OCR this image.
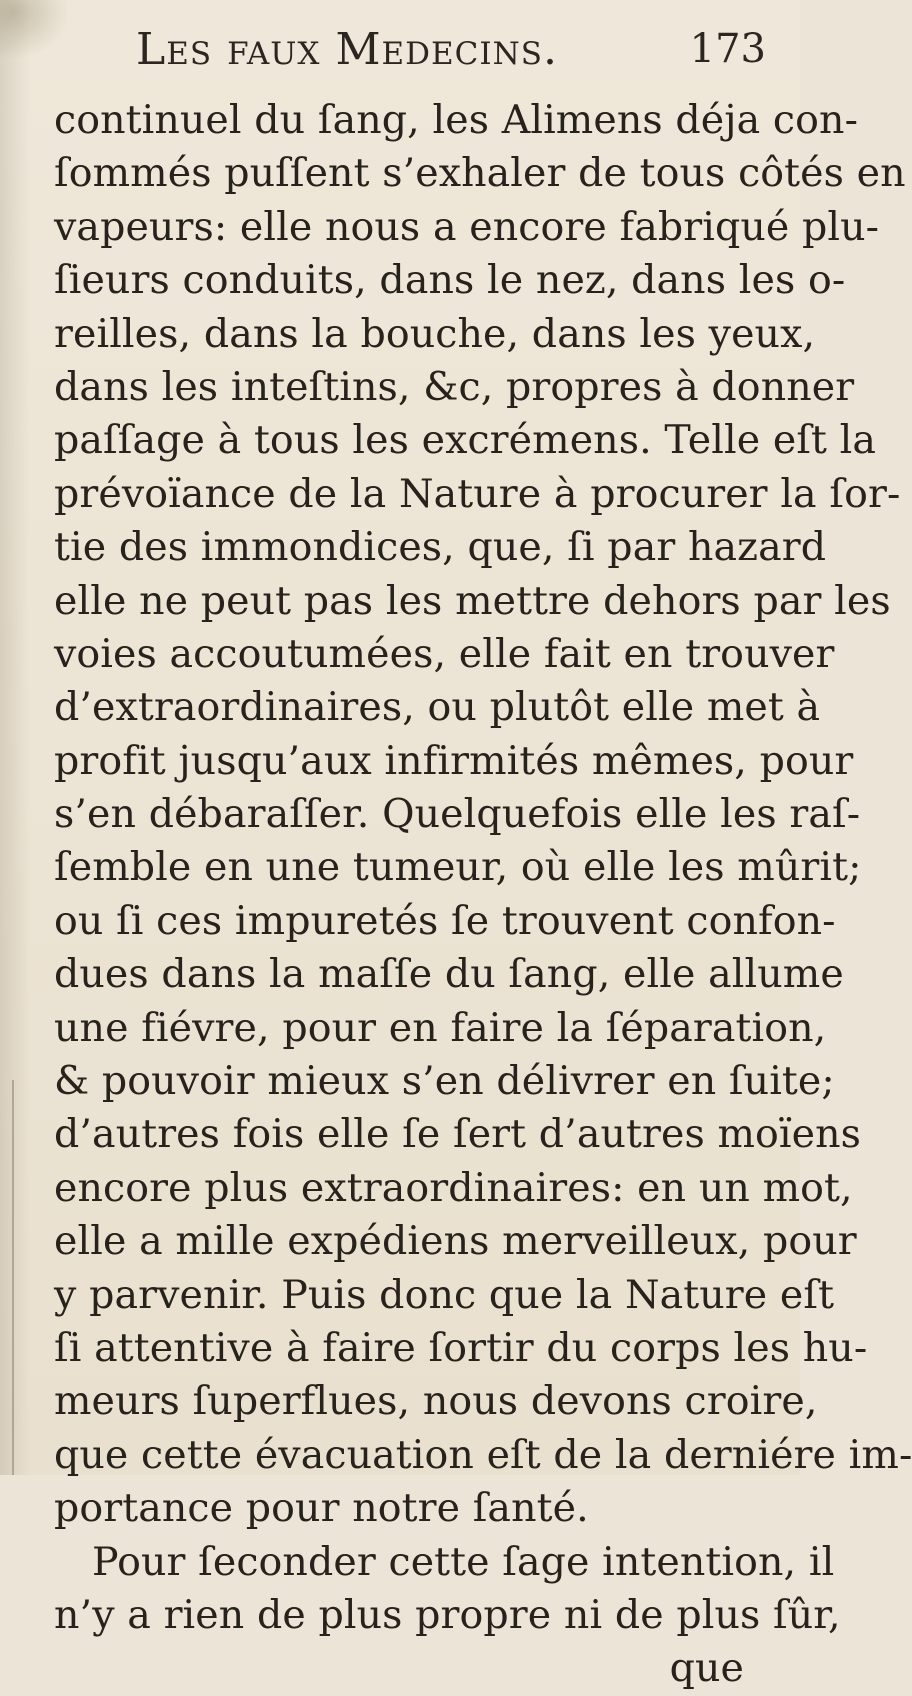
Les faux Medecins.	173
continuel du ſang, les Alimens déja con-
ſommés puſſent s’exhaler de tous côtés en
vapeurs: elle nous a encore fabriqué plu-
ſieurs conduits, dans le nez, dans les o-
reilles, dans la bouche, dans les yeux,
dans les inteſtins, &c, propres à donner
paſſage à tous les excrémens. Telle eſt la
prévoïance de la Nature à procurer la ſor-
tie des immondices, que, ſi par hazard
elle ne peut pas les mettre dehors par les
voies accoutumées, elle fait en trouver
d’extraordinaires, ou plutôt elle met à
profit jusqu’aux infirmités mêmes, pour
s’en débaraſſer. Quelquefois elle les raſ-
ſemble en une tumeur, où elle les mûrit;
ou ſi ces impuretés ſe trouvent confon-
dues dans la maſſe du ſang, elle allume
une fiévre, pour en faire la ſéparation,
& pouvoir mieux s’en délivrer en ſuite;
d’autres fois elle ſe ſert d’autres moïens
encore plus extraordinaires: en un mot,
elle a mille expédiens merveilleux, pour
y parvenir. Puis donc que la Nature eſt
ſi attentive à faire ſortir du corps les hu-
meurs ſuperflues, nous devons croire,
que cette évacuation eſt de la derniére im-
portance pour notre ſanté.
Pour ſeconder cette ſage intention, il
n’y a rien de plus propre ni de plus ſûr,
que
